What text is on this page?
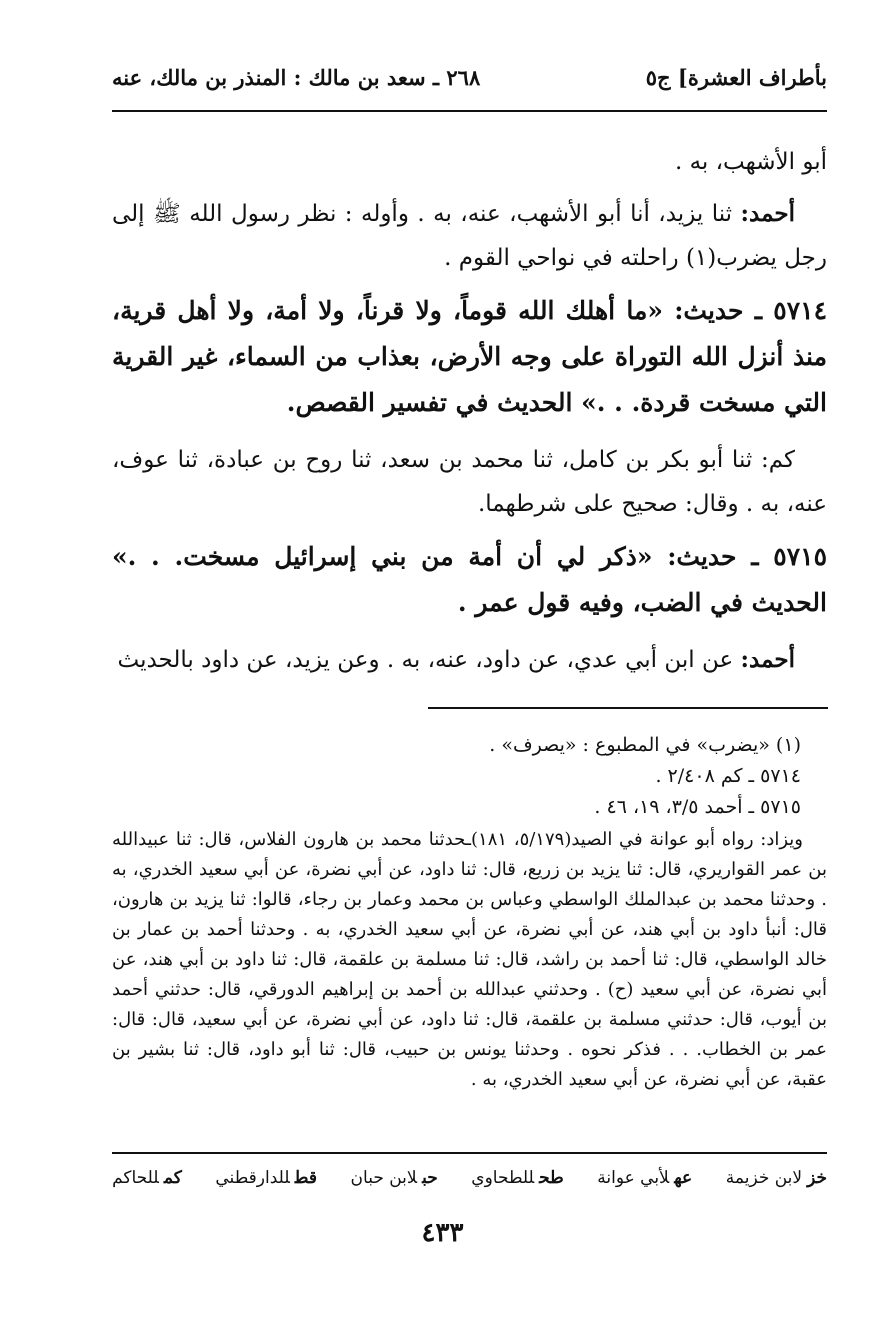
بأطراف العشرة] ج٥
٢٦٨ ـ سعد بن مالك : المنذر بن مالك، عنه

أبو الأشهب، به .

أحمد: ثنا يزيد، أنا أبو الأشهب، عنه، به . وأوله : نظر رسول الله ﷺ إلى رجل يضرب(١) راحلته في نواحي القوم .

٥٧١٤ ـ حديث: «ما أهلك الله قوماً، ولا قرناً، ولا أمة، ولا أهل قرية، منذ أنزل الله التوراة على وجه الأرض، بعذاب من السماء، غير القرية التي مسخت قردة. . .» الحديث في تفسير القصص.

كم: ثنا أبو بكر بن كامل، ثنا محمد بن سعد، ثنا روح بن عبادة، ثنا عوف، عنه، به . وقال: صحيح على شرطهما.

٥٧١٥ ـ حديث: «ذكر لي أن أمة من بني إسرائيل مسخت. . .» الحديث في الضب، وفيه قول عمر .

أحمد: عن ابن أبي عدي، عن داود، عنه، به . وعن يزيد، عن داود بالحديث

(١) «يضرب» في المطبوع : «يصرف» .

٥٧١٤ ـ كم ٢/٤٠٨ .

٥٧١٥ ـ أحمد ٣/٥، ١٩، ٤٦ .

ويزاد: رواه أبو عوانة في الصيد(٥/١٧٩، ١٨١)ـحدثنا محمد بن هارون الفلاس، قال: ثنا عبيدالله بن عمر القواريري، قال: ثنا يزيد بن زريع، قال: ثنا داود، عن أبي نضرة، عن أبي سعيد الخدري، به . وحدثنا محمد بن عبدالملك الواسطي وعباس بن محمد وعمار بن رجاء، قالوا: ثنا يزيد بن هارون، قال: أنبأ داود بن أبي هند، عن أبي نضرة، عن أبي سعيد الخدري، به . وحدثنا أحمد بن عمار بن خالد الواسطي، قال: ثنا أحمد بن راشد، قال: ثنا مسلمة بن علقمة، قال: ثنا داود بن أبي هند، عن أبي نضرة، عن أبي سعيد (ح) . وحدثني عبدالله بن أحمد بن إبراهيم الدورقي، قال: حدثني أحمد بن أيوب، قال: حدثني مسلمة بن علقمة، قال: ثنا داود، عن أبي نضرة، عن أبي سعيد، قال: قال: عمر بن الخطاب. . . فذكر نحوه . وحدثنا يونس بن حبيب، قال: ثنا أبو داود، قال: ثنا بشير بن عقبة، عن أبي نضرة، عن أبي سعيد الخدري، به .

خزلابن خزيمة
عهلأبي عوانة
طحللطحاوي
حبلابن حبان
قطللدارقطني
كمللحاكم
٤٣٣
